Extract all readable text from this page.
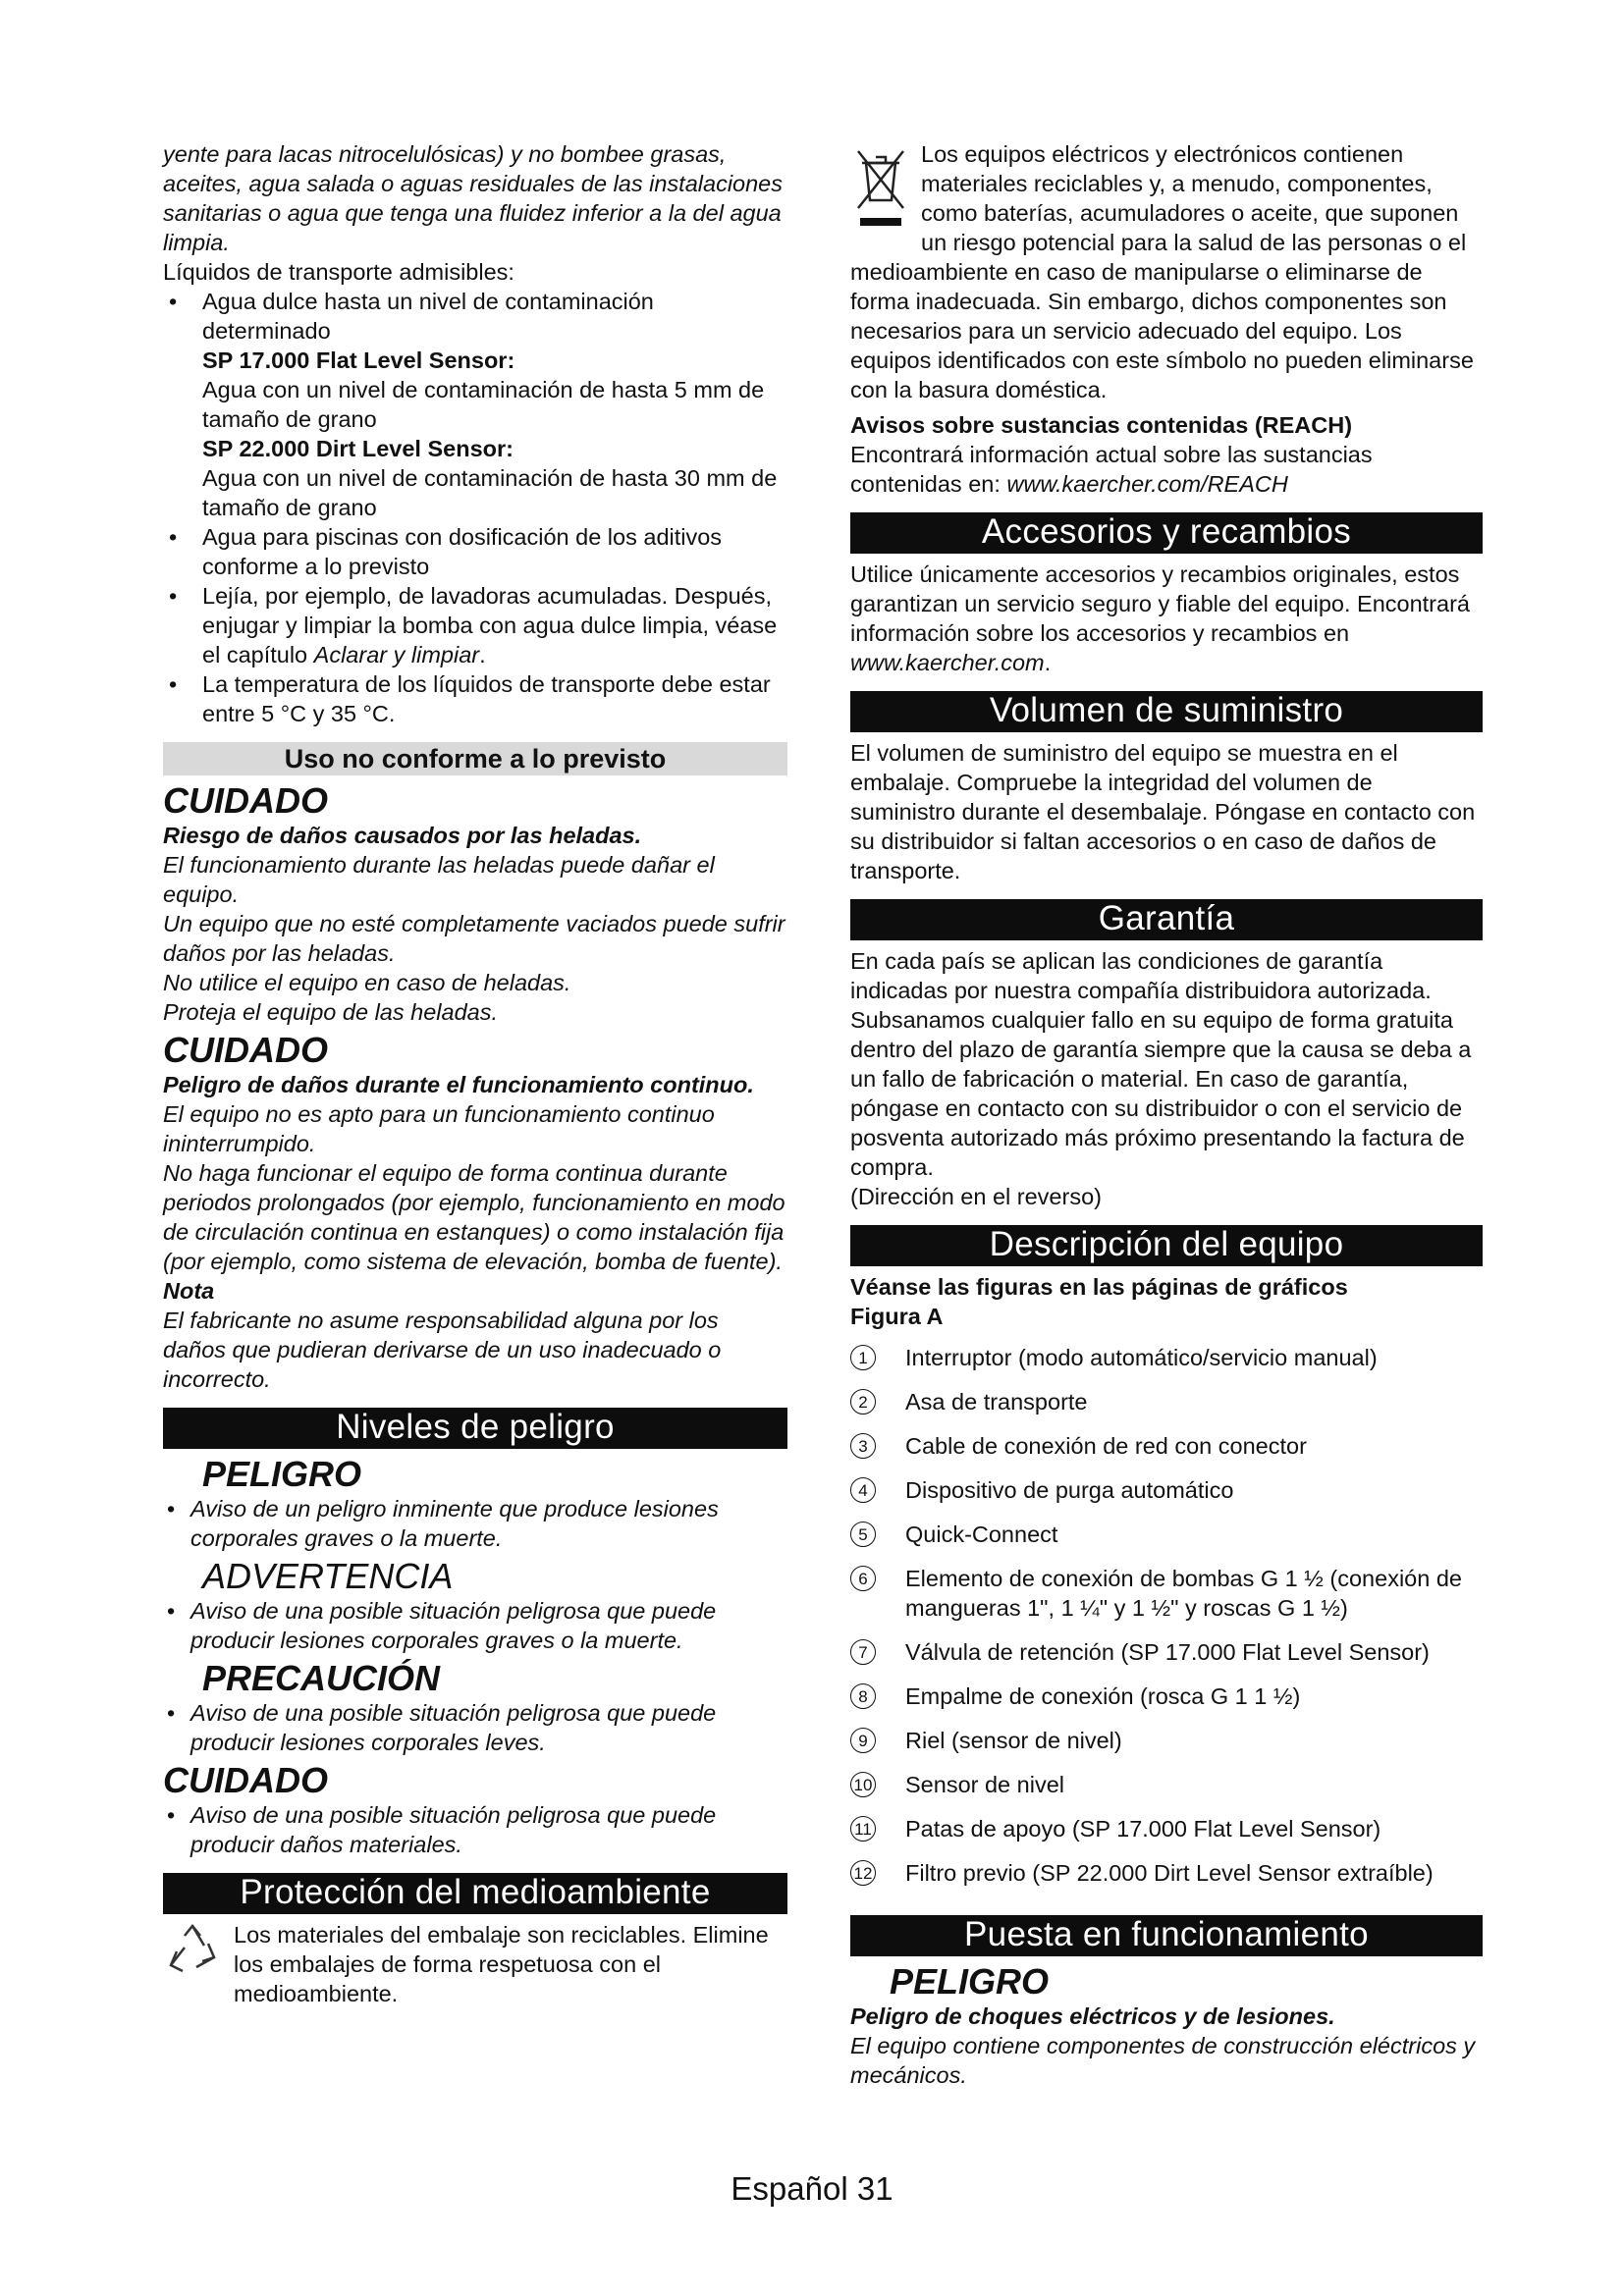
yente para lacas nitrocelulósicas) y no bombee grasas, aceites, agua salada o aguas residuales de las instalaciones sanitarias o agua que tenga una fluidez inferior a la del agua limpia.

Líquidos de transporte admisibles:

• Agua dulce hasta un nivel de contaminación determinado

SP 17.000 Flat Level Sensor:

Agua con un nivel de contaminación de hasta 5 mm de tamaño de grano

SP 22.000 Dirt Level Sensor:

Agua con un nivel de contaminación de hasta 30 mm de tamaño de grano

• Agua para piscinas con dosificación de los aditivos conforme a lo previsto
• Lejía, por ejemplo, de lavadoras acumuladas. Después, enjugar y limpiar la bomba con agua dulce limpia, véase el capítulo Aclarar y limpiar.
• La temperatura de los líquidos de transporte debe estar entre 5 °C y 35 °C.
Uso no conforme a lo previsto
CUIDADO

Riesgo de daños causados por las heladas.

El funcionamiento durante las heladas puede dañar el equipo.

Un equipo que no esté completamente vaciados puede sufrir daños por las heladas.

No utilice el equipo en caso de heladas.

Proteja el equipo de las heladas.

CUIDADO

Peligro de daños durante el funcionamiento continuo.

El equipo no es apto para un funcionamiento continuo ininterrumpido.

No haga funcionar el equipo de forma continua durante periodos prolongados (por ejemplo, funcionamiento en modo de circulación continua en estanques) o como instalación fija (por ejemplo, como sistema de elevación, bomba de fuente).

Nota

El fabricante no asume responsabilidad alguna por los daños que pudieran derivarse de un uso inadecuado o incorrecto.

Niveles de peligro
PELIGRO
• Aviso de un peligro inminente que produce lesiones corporales graves o la muerte.
ADVERTENCIA
• Aviso de una posible situación peligrosa que puede producir lesiones corporales graves o la muerte.
PRECAUCIÓN
• Aviso de una posible situación peligrosa que puede producir lesiones corporales leves.
CUIDADO
• Aviso de una posible situación peligrosa que puede producir daños materiales.
Protección del medioambiente

Los materiales del embalaje son reciclables. Elimine los embalajes de forma respetuosa con el medioambiente.

Los equipos eléctricos y electrónicos contienen materiales reciclables y, a menudo, componentes, como baterías, acumuladores o aceite, que suponen un riesgo potencial para la salud de las personas o el medioambiente en caso de manipularse o eliminarse de forma inadecuada. Sin embargo, dichos componentes son necesarios para un servicio adecuado del equipo. Los equipos identificados con este símbolo no pueden eliminarse con la basura doméstica.

Avisos sobre sustancias contenidas (REACH)

Encontrará información actual sobre las sustancias contenidas en: www.kaercher.com/REACH

Accesorios y recambios

Utilice únicamente accesorios y recambios originales, estos garantizan un servicio seguro y fiable del equipo. Encontrará información sobre los accesorios y recambios en www.kaercher.com.

Volumen de suministro

El volumen de suministro del equipo se muestra en el embalaje. Compruebe la integridad del volumen de suministro durante el desembalaje. Póngase en contacto con su distribuidor si faltan accesorios o en caso de daños de transporte.

Garantía

En cada país se aplican las condiciones de garantía indicadas por nuestra compañía distribuidora autorizada. Subsanamos cualquier fallo en su equipo de forma gratuita dentro del plazo de garantía siempre que la causa se deba a un fallo de fabricación o material. En caso de garantía, póngase en contacto con su distribuidor o con el servicio de posventa autorizado más próximo presentando la factura de compra.

(Dirección en el reverso)

Descripción del equipo

Véanse las figuras en las páginas de gráficos

Figura A

1	Interruptor (modo automático/servicio manual)
2	Asa de transporte
3	Cable de conexión de red con conector
4	Dispositivo de purga automático
5	Quick-Connect
6	Elemento de conexión de bombas G 1 ½ (conexión de mangueras 1", 1 ¼" y 1 ½" y roscas G 1 ½)
7	Válvula de retención (SP 17.000 Flat Level Sensor)
8	Empalme de conexión (rosca G 1 1 ½)
9	Riel (sensor de nivel)
10	Sensor de nivel
11	Patas de apoyo (SP 17.000 Flat Level Sensor)
12	Filtro previo (SP 22.000 Dirt Level Sensor extraíble)
Puesta en funcionamiento
PELIGRO

Peligro de choques eléctricos y de lesiones.

El equipo contiene componentes de construcción eléctricos y mecánicos.

Español 31
